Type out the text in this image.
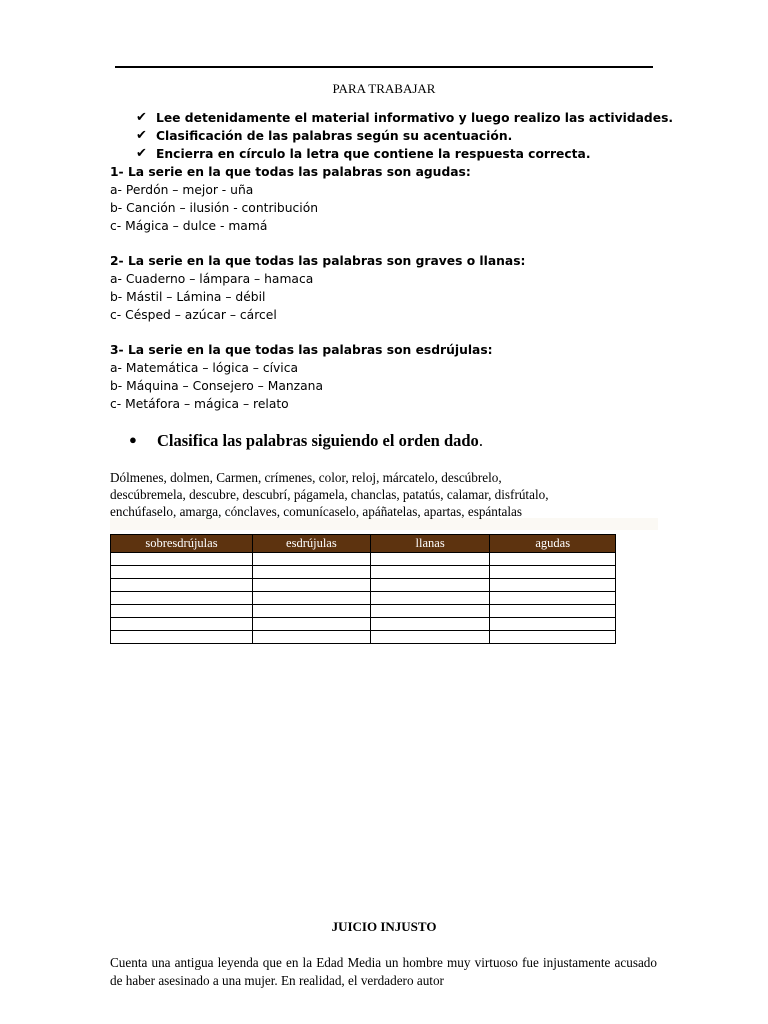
PARA TRABAJAR
✔ Lee detenidamente el material informativo y luego realizo las actividades.
✔ Clasificación de las palabras según su acentuación.
✔ Encierra en círculo la letra que contiene la respuesta correcta.
1- La serie en la que todas las palabras son agudas:
a- Perdón – mejor - uña
b- Canción – ilusión - contribución
c- Mágica – dulce - mamá
2- La serie en la que todas las palabras son graves o llanas:
a- Cuaderno – lámpara – hamaca
b- Mástil – Lámina – débil
c- Césped – azúcar – cárcel
3- La serie en la que todas las palabras son esdrújulas:
a- Matemática – lógica – cívica
b- Máquina – Consejero – Manzana
c- Metáfora – mágica – relato
● Clasifica las palabras siguiendo el orden dado.
Dólmenes, dolmen, Carmen, crímenes, color, reloj, márcatelo, descúbrelo,
descúbremela, descubre, descubrí, págamela, chanclas, patatús, calamar, disfrútalo,
enchúfaselo, amarga, cónclaves, comunícaselo, apáñatelas, apartas, espántalas
sobresdrújulas	esdrújulas	llanas	agudas

JUICIO INJUSTO
Cuenta una antigua leyenda que en la Edad Media un hombre muy virtuoso fue injustamente acusado de haber asesinado a una mujer. En realidad, el verdadero autor
